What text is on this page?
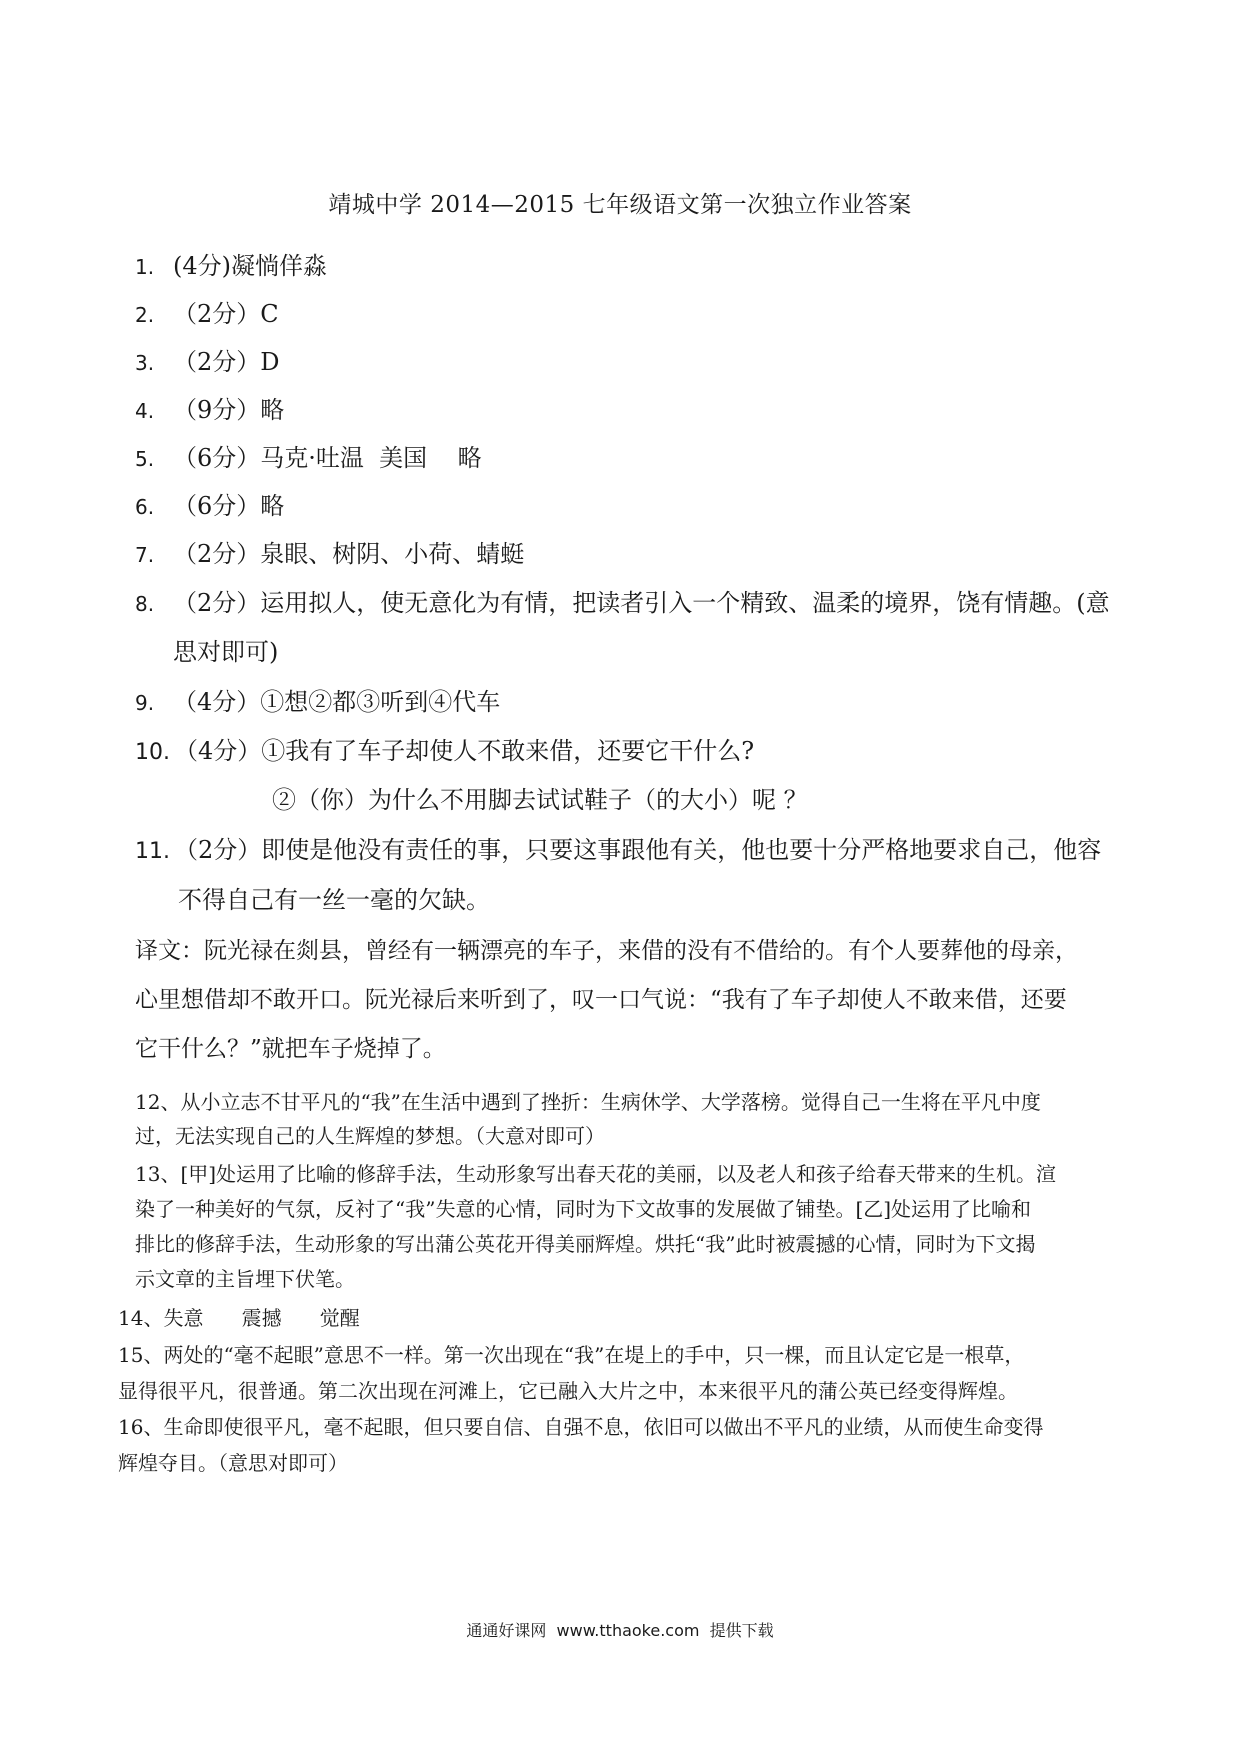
靖城中学 2014—2015 七年级语文第一次独立作业答案
1. (4分)凝惝佯淼
2. （2分）C
3. （2分）D
4. （9分）略
5. （6分）马克·吐温  美国    略
6. （6分）略
7. （2分）泉眼、树阴、小荷、蜻蜓
8. （2分）运用拟人，使无意化为有情，把读者引入一个精致、温柔的境界，饶有情趣。(意
思对即可)
9. （4分）①想②都③听到④代车
10. （4分）①我有了车子却使人不敢来借，还要它干什么?
②（你）为什么不用脚去试试鞋子（的大小）呢 ？
11. （2分）即使是他没有责任的事，只要这事跟他有关，他也要十分严格地要求自己，他容
不得自己有一丝一毫的欠缺。
译文：阮光禄在剡县，曾经有一辆漂亮的车子，来借的没有不借给的。有个人要葬他的母亲，
心里想借却不敢开口。阮光禄后来听到了，叹一口气说：“我有了车子却使人不敢来借，还要
它干什么？”就把车子烧掉了。
12、从小立志不甘平凡的“我”在生活中遇到了挫折：生病休学、大学落榜。觉得自己一生将在平凡中度
过，无法实现自己的人生辉煌的梦想。（大意对即可）
13、[甲]处运用了比喻的修辞手法，生动形象写出春天花的美丽，以及老人和孩子给春天带来的生机。渲
染了一种美好的气氛，反衬了“我”失意的心情，同时为下文故事的发展做了铺垫。[乙]处运用了比喻和
排比的修辞手法，生动形象的写出蒲公英花开得美丽辉煌。烘托“我”此时被震撼的心情，同时为下文揭
示文章的主旨埋下伏笔。
14、失意      震撼      觉醒
15、两处的“毫不起眼”意思不一样。第一次出现在“我”在堤上的手中，只一棵，而且认定它是一根草，
显得很平凡，很普通。第二次出现在河滩上，它已融入大片之中，本来很平凡的蒲公英已经变得辉煌。
16、生命即使很平凡，毫不起眼，但只要自信、自强不息，依旧可以做出不平凡的业绩，从而使生命变得
辉煌夺目。（意思对即可）
通通好课网  www.tthaoke.com  提供下载
